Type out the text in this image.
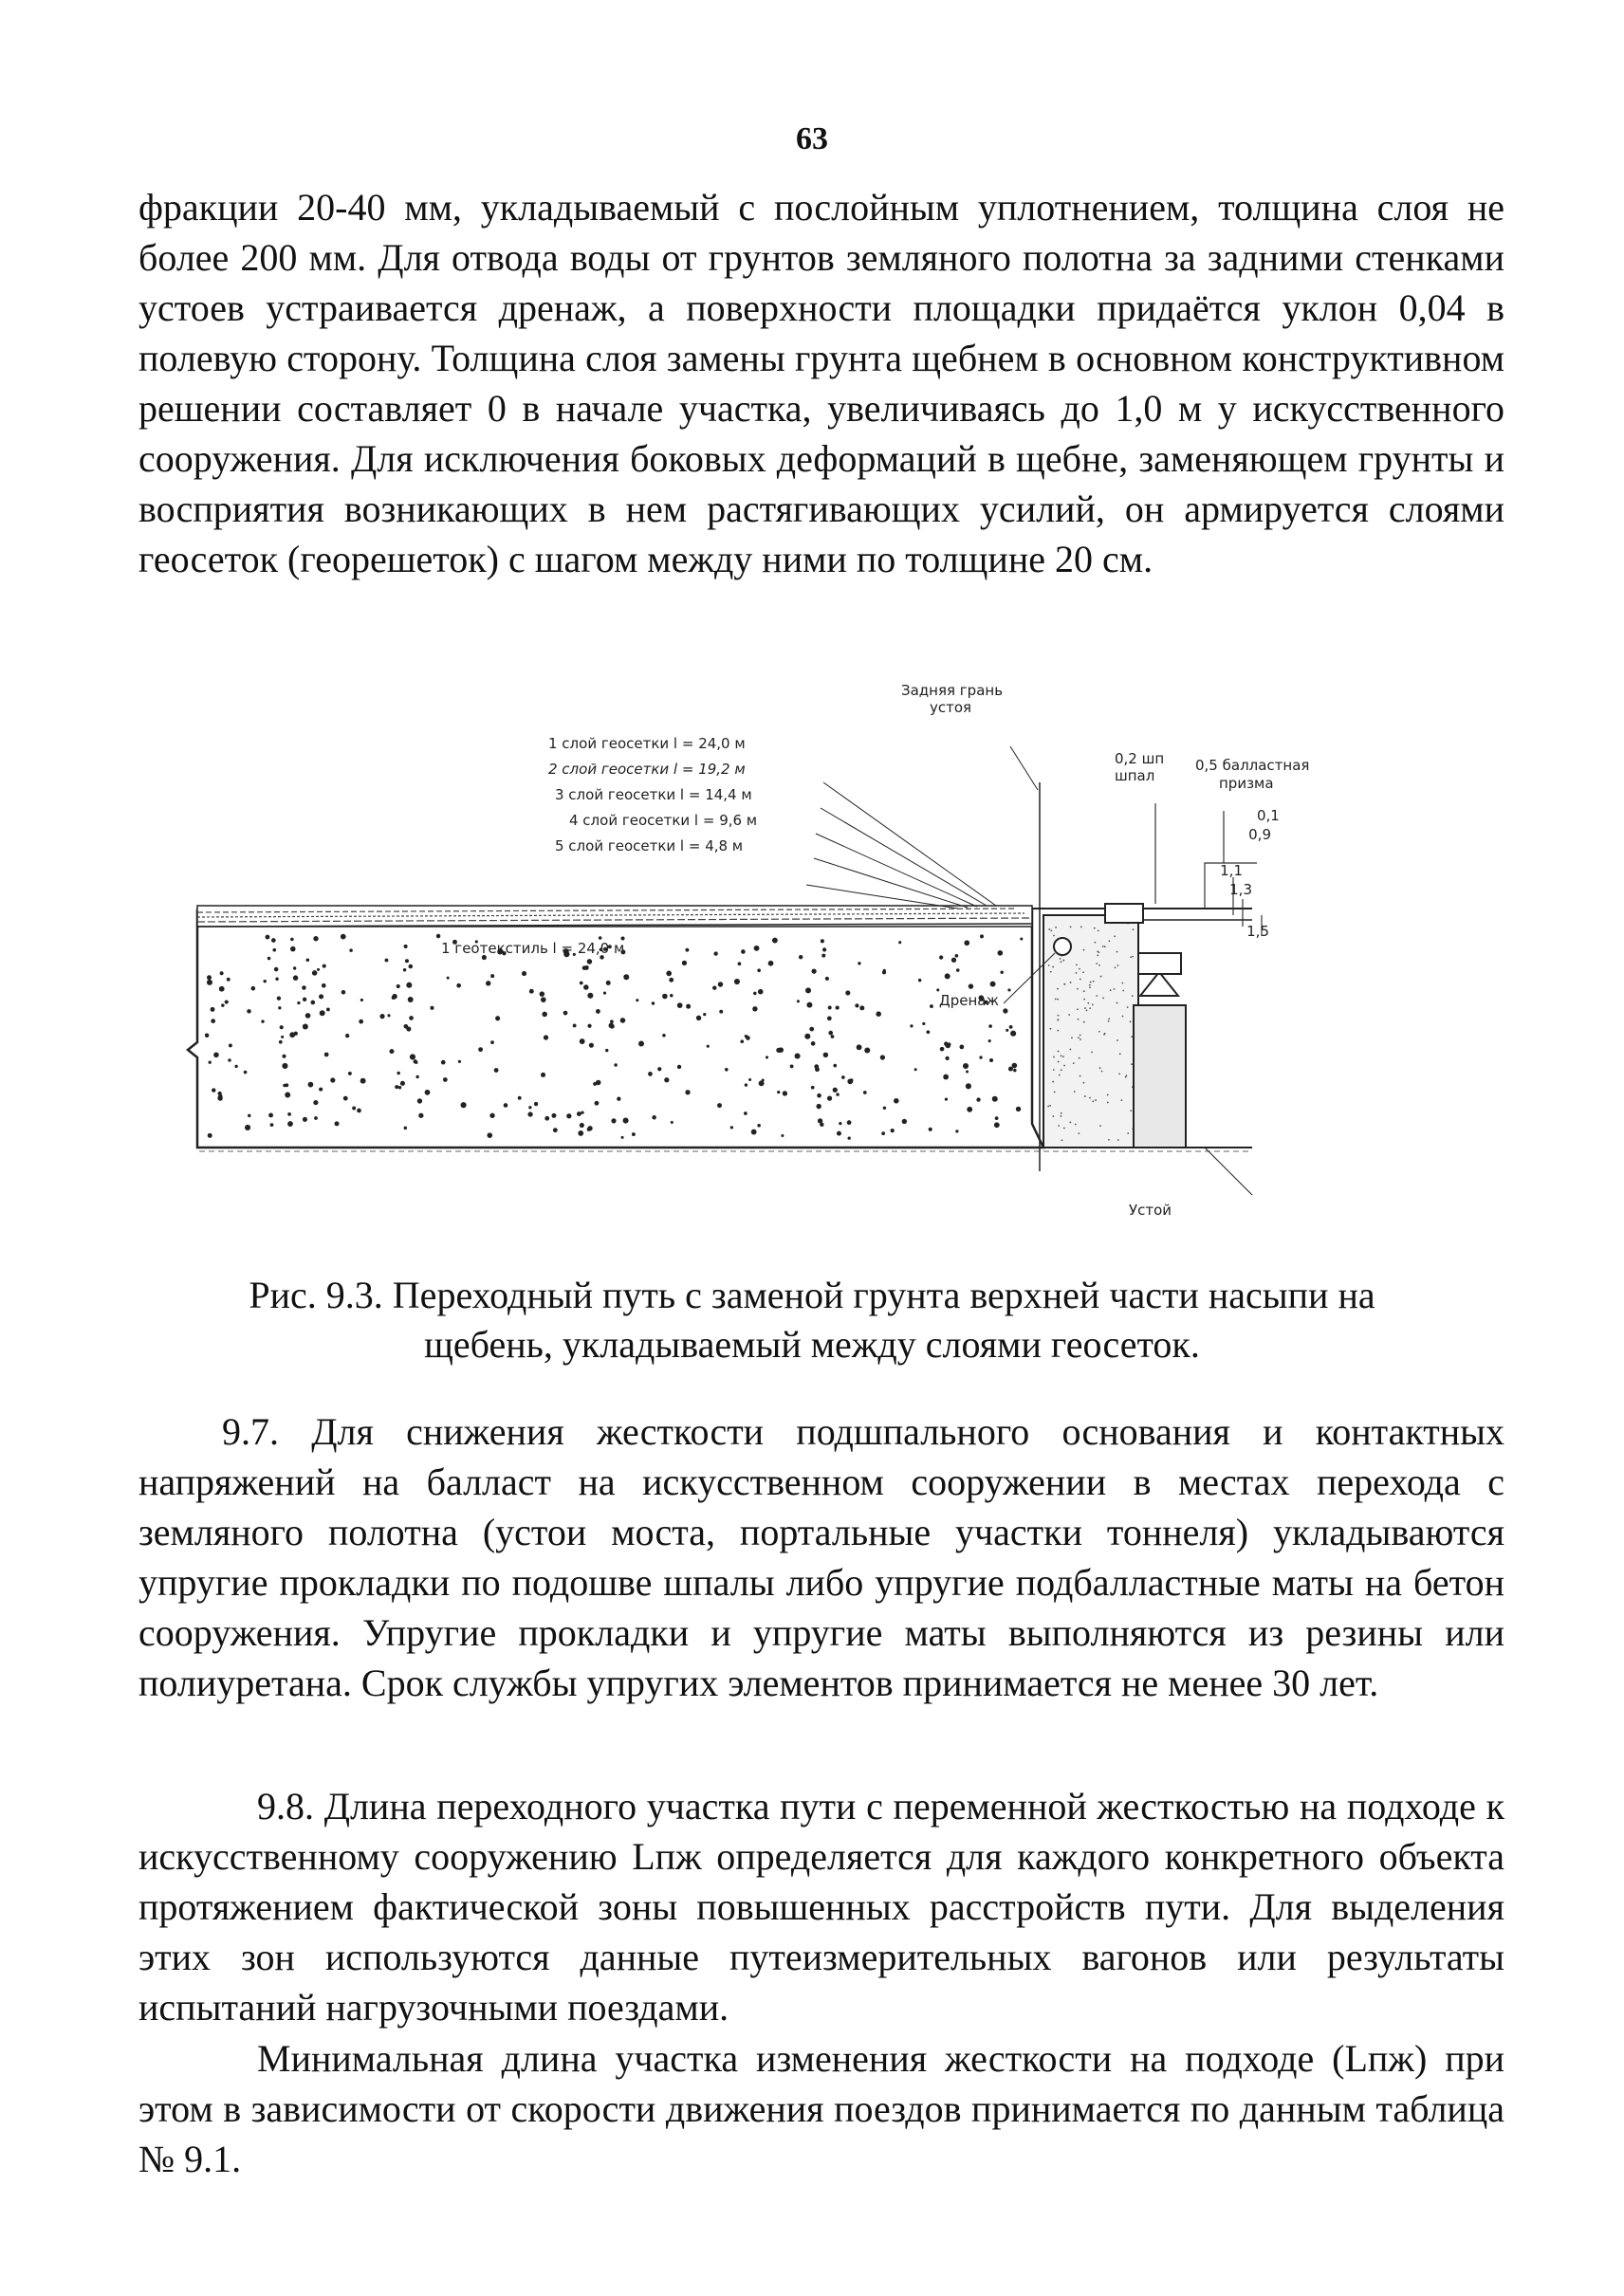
63

фракции 20-40 мм, укладываемый с послойным уплотнением, толщина слоя не более 200 мм. Для отвода воды от грунтов земляного полотна за задними стенками устоев устраивается дренаж, а поверхности площадки придаётся уклон 0,04 в полевую сторону. Толщина слоя замены грунта щебнем в основном конструктивном решении составляет 0 в начале участка, увеличиваясь до 1,0 м у искусственного сооружения. Для исключения боковых деформаций в щебне, заменяющем грунты и восприятия возникающих в нем растягивающих усилий, он армируется слоями геосеток (георешеток) с шагом между ними по толщине 20 см.

Задняя грань
устоя
1 слой геосетки l = 24,0 м
2 слой геосетки l = 19,2 м
3 слой геосетки l = 14,4 м
4 слой геосетки l = 9,6 м
5 слой геосетки l = 4,8 м
1 геотекстиль l = 24,0 м
0,2 шп
шпал
0,5 балластная
призма
0,1
0,9
1,1
1,3
1,5
Дренаж
Устой
Рис. 9.3. Переходный путь с заменой грунта верхней части насыпи на
щебень, укладываемый между слоями геосеток.

9.7. Для снижения жесткости подшпального основания и контактных напряжений на балласт на искусственном сооружении в местах перехода с земляного полотна (устои моста, портальные участки тоннеля) укладываются упругие прокладки по подошве шпалы либо упругие подбалластные маты на бетон сооружения. Упругие прокладки и упругие маты выполняются из резины или полиуретана. Срок службы упругих элементов принимается не менее 30 лет.

9.8. Длина переходного участка пути с переменной жесткостью на подходе к искусственному сооружению Lпж определяется для каждого конкретного объекта протяжением фактической зоны повышенных расстройств пути. Для выделения этих зон используются данные путеизмерительных вагонов или результаты испытаний нагрузочными поездами.

Минимальная длина участка изменения жесткости на подходе (Lпж) при этом в зависимости от скорости движения поездов принимается по данным таблица № 9.1.
